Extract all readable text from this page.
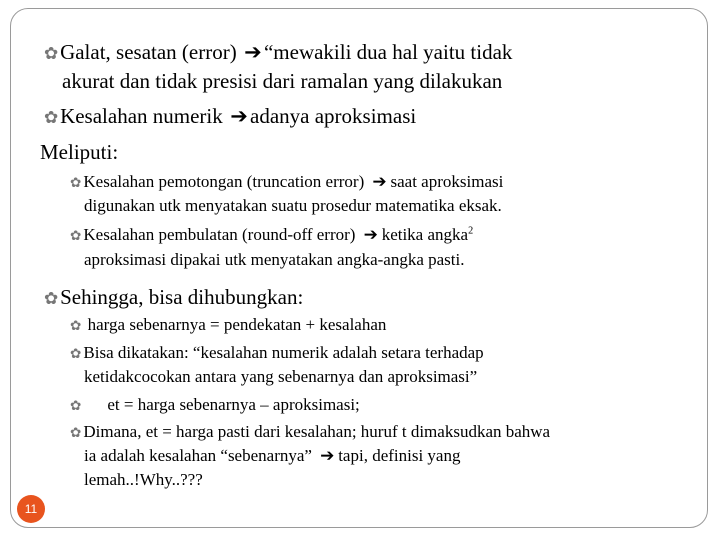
✿Galat, sesatan (error) ➔ “mewakili dua hal yaitu tidak
akurat dan tidak presisi dari ramalan yang dilakukan
✿Kesalahan numerik ➔ adanya aproksimasi
Meliputi:
✿ Kesalahan pemotongan (truncation error) ➔ saat aproksimasi
digunakan utk menyatakan suatu prosedur matematika eksak.
✿ Kesalahan pembulatan (round-off error) ➔ ketika angka$^2$
aproksimasi dipakai utk menyatakan angka-angka pasti.
✿Sehingga, bisa dihubungkan:
✿ harga sebenarnya = pendekatan + kesalahan
✿ Bisa dikatakan: “kesalahan numerik adalah setara terhadap
ketidakcocokan antara yang sebenarnya dan aproksimasi”
✿ et = harga sebenarnya – aproksimasi;
✿ Dimana, et = harga pasti dari kesalahan; huruf t dimaksudkan bahwa
ia adalah kesalahan “sebenarnya” ➔ tapi, definisi yang
lemah..!Why..???
11
